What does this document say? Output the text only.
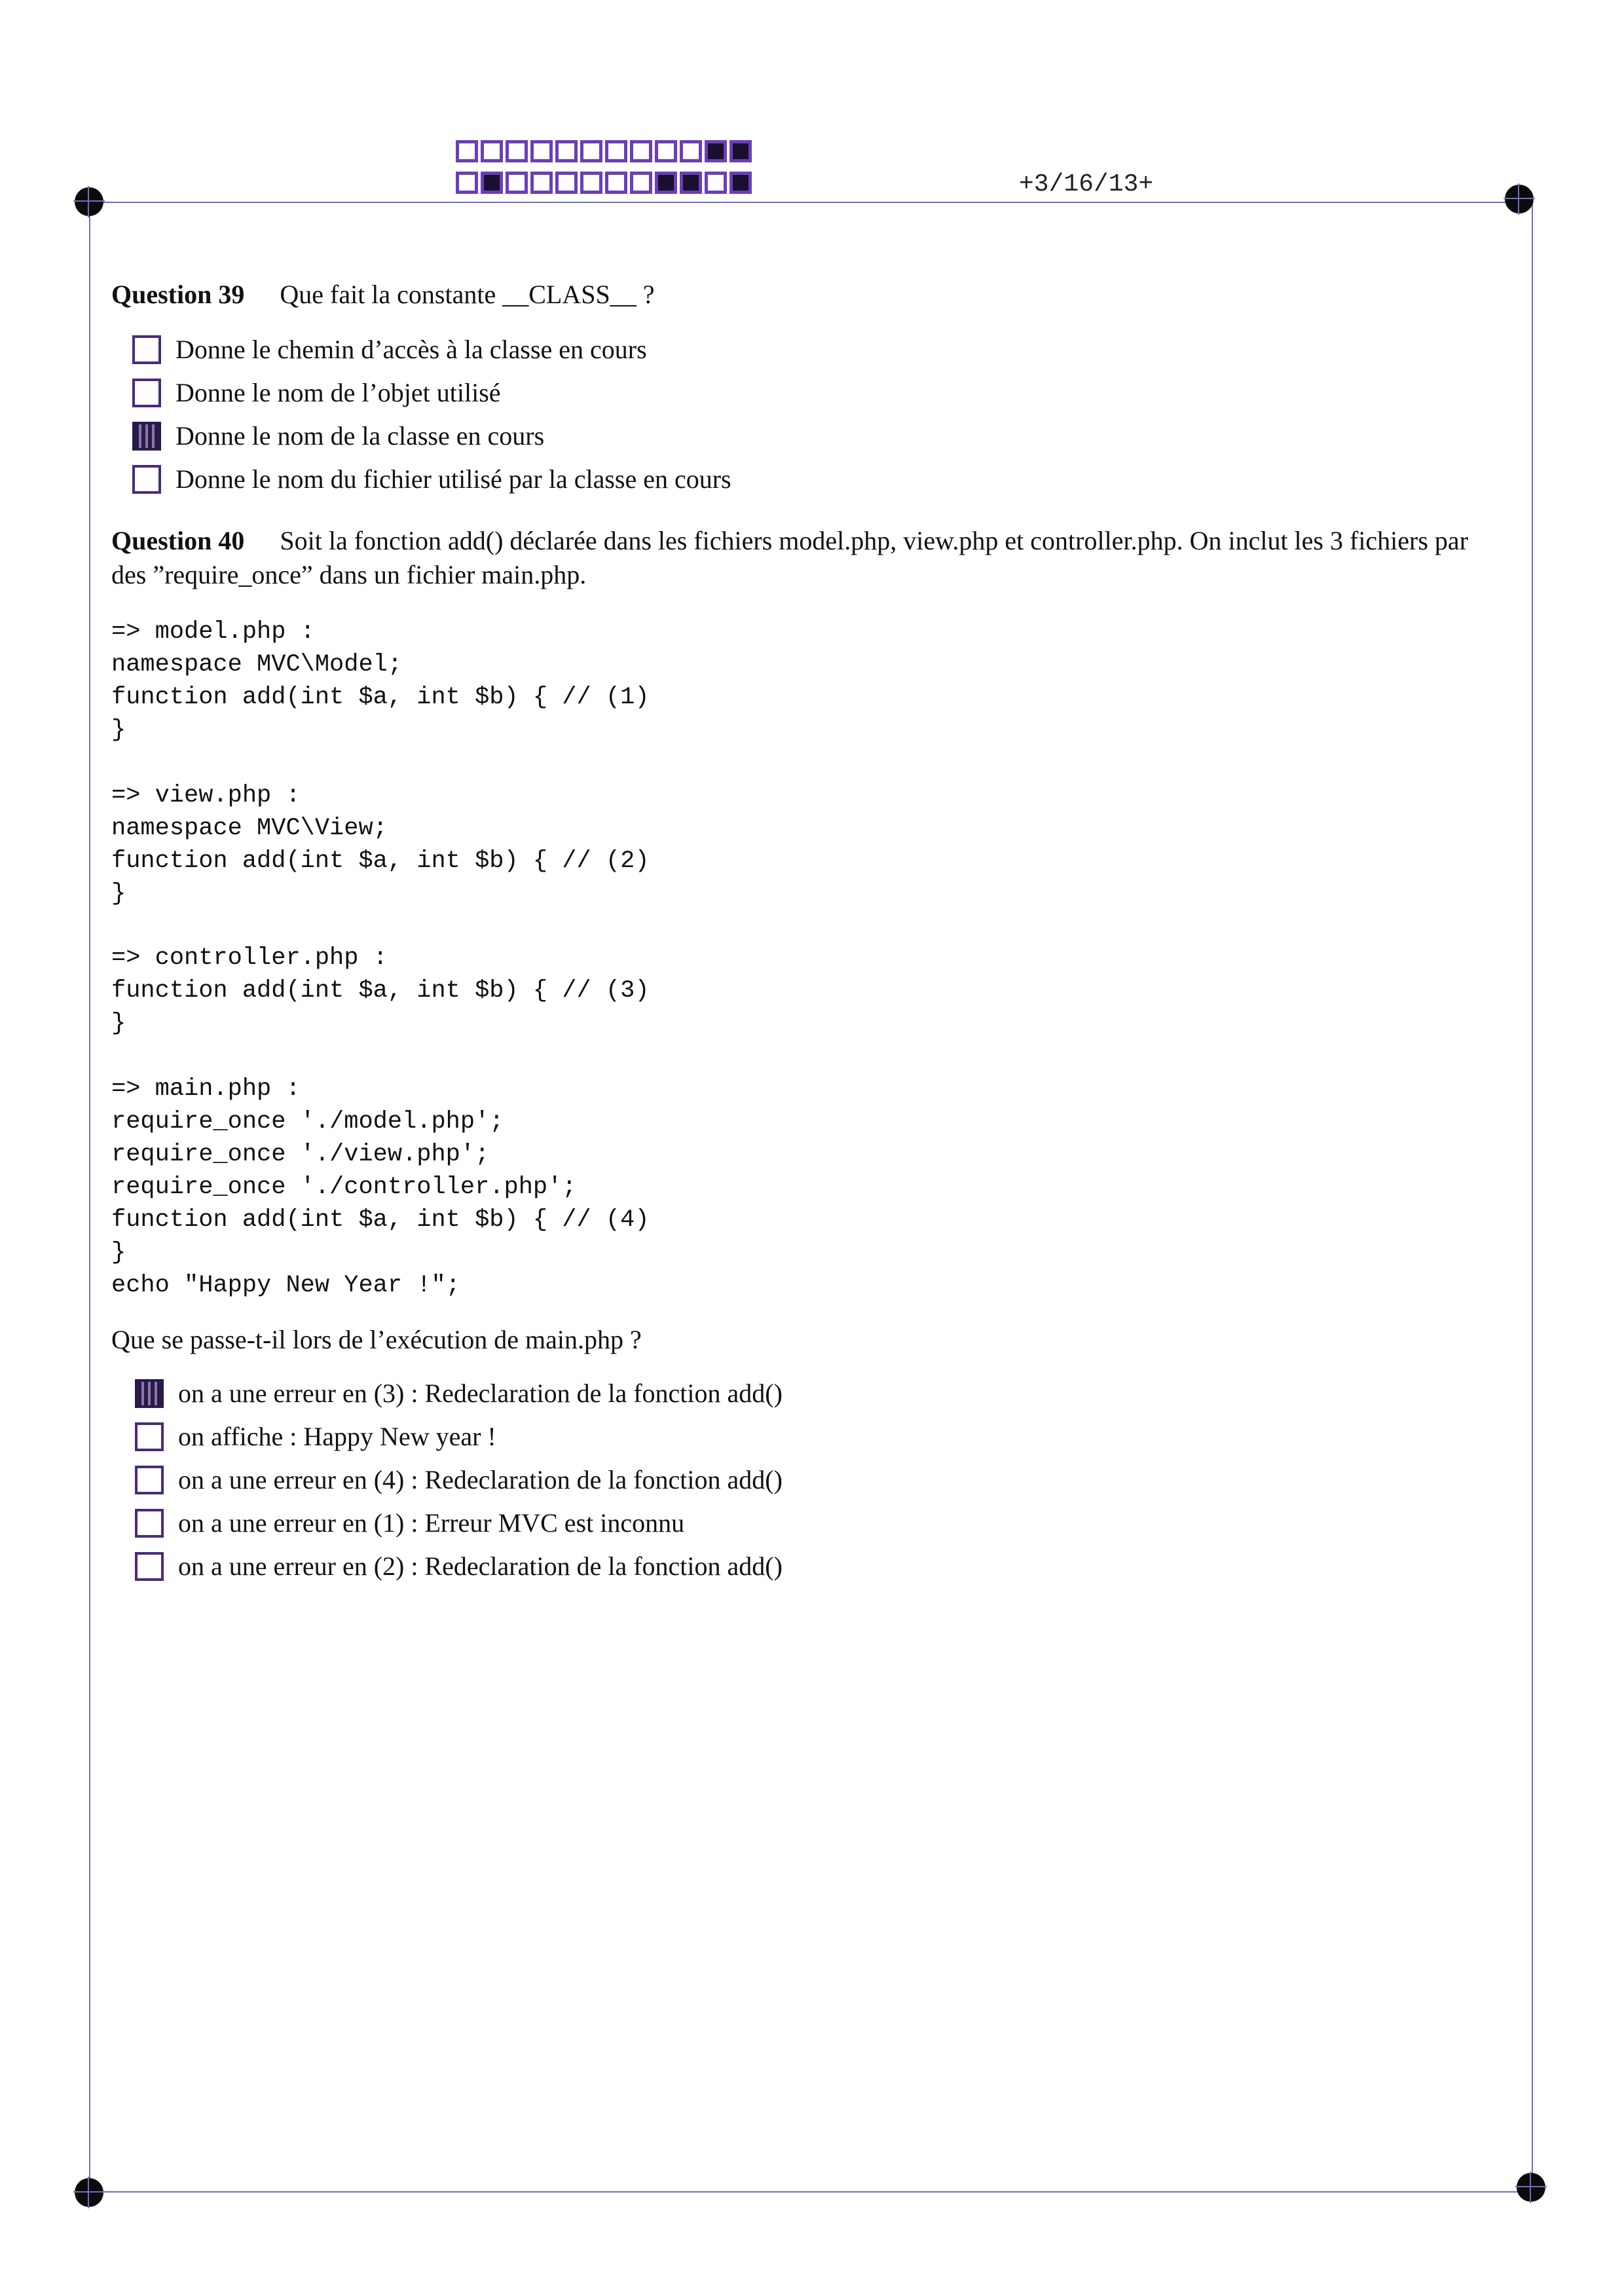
+3/16/13+
Question 39 Que fait la constante __CLASS__ ?
Donne le chemin d’accès à la classe en cours
Donne le nom de l’objet utilisé
Donne le nom de la classe en cours
Donne le nom du fichier utilisé par la classe en cours
Question 40 Soit la fonction add() déclarée dans les fichiers model.php, view.php et controller.php. On inclut les 3 fichiers par des ”require_once” dans un fichier main.php.
=> model.php :
namespace MVC\Model;
function add(int $a, int $b) { // (1)
}
=> view.php :
namespace MVC\View;
function add(int $a, int $b) { // (2)
}
=> controller.php :
function add(int $a, int $b) { // (3)
}
=> main.php :
require_once './model.php';
require_once './view.php';
require_once './controller.php';
function add(int $a, int $b) { // (4)
}
echo "Happy New Year !";
Que se passe-t-il lors de l’exécution de main.php ?
on a une erreur en (3) : Redeclaration de la fonction add()
on affiche : Happy New year !
on a une erreur en (4) : Redeclaration de la fonction add()
on a une erreur en (1) : Erreur MVC est inconnu
on a une erreur en (2) : Redeclaration de la fonction add()
